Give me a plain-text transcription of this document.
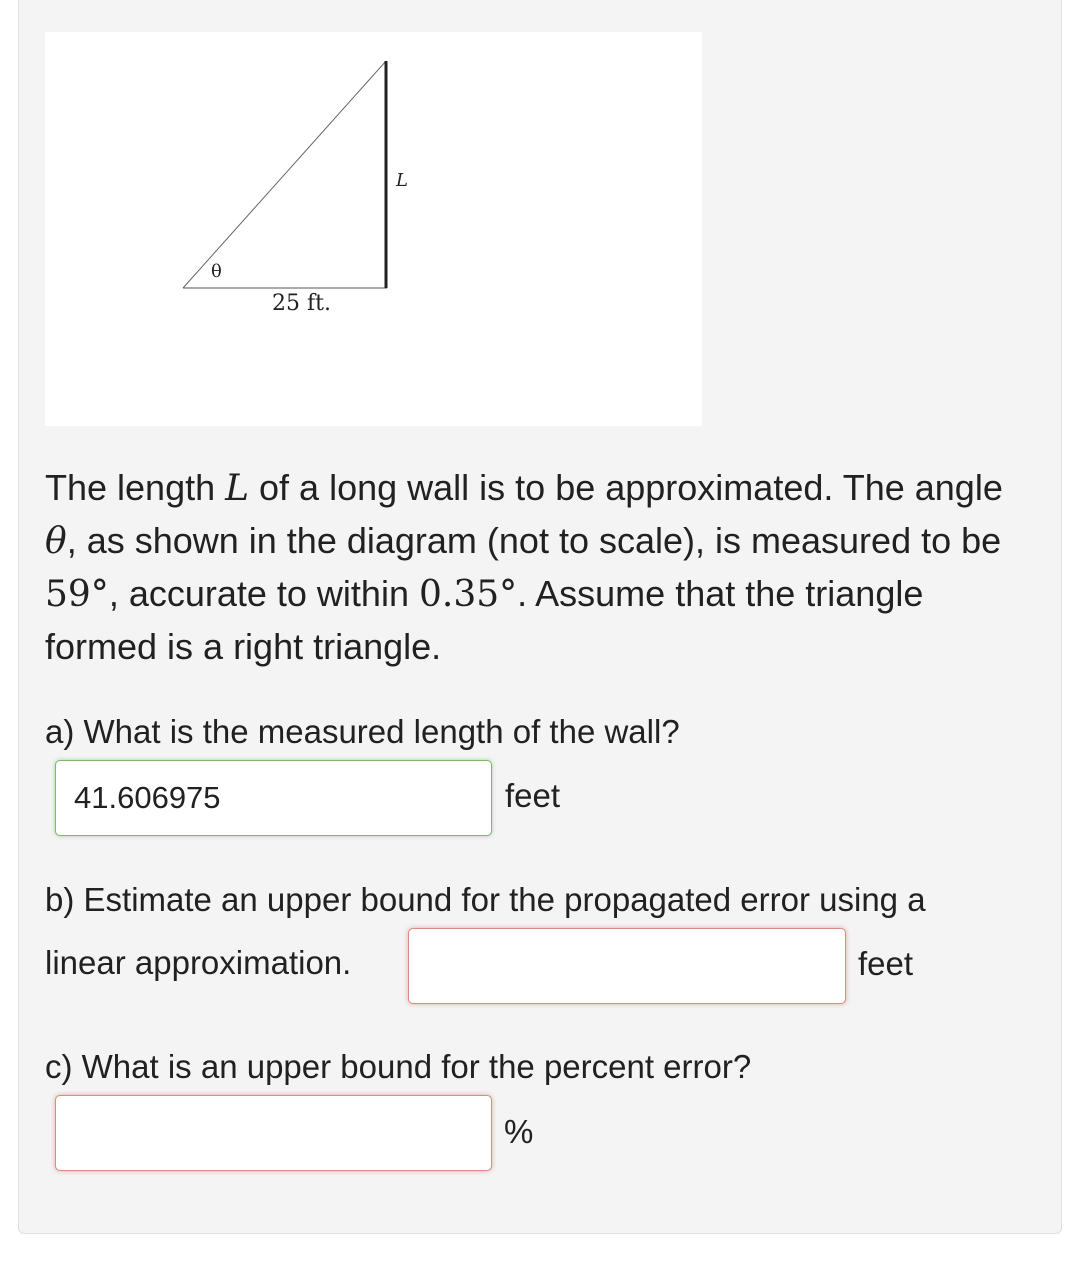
θ
L
25 ft.

The length L of a long wall is to be approximated. The angle θ, as shown in the diagram (not to scale), is measured to be 59°, accurate to within 0.35°. Assume that the triangle formed is a right triangle.

a) What is the measured length of the wall?

41.606975
feet

b) Estimate an upper bound for the propagated error using a

linear approximation.	feet

c) What is an upper bound for the percent error?

%
